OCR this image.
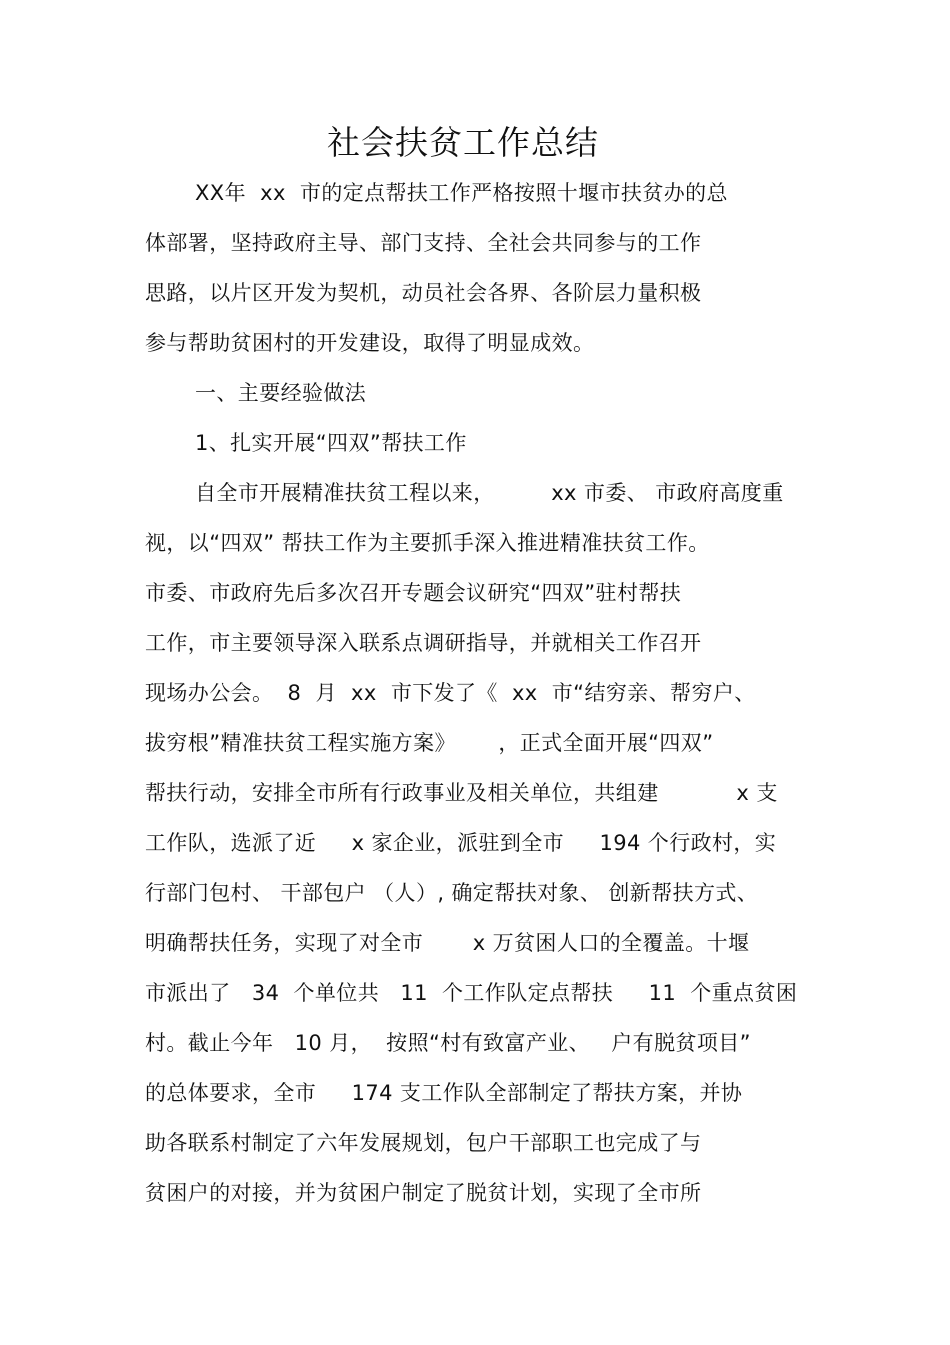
社会扶贫工作总结
XX年  xx  市的定点帮扶工作严格按照十堰市扶贫办的总
体部署，坚持政府主导、部门支持、全社会共同参与的工作
思路，以片区开发为契机，动员社会各界、各阶层力量积极
参与帮助贫困村的开发建设，取得了明显成效。
一、主要经验做法
1、扎实开展“四双”帮扶工作
自全市开展精准扶贫工程以来，        xx 市委、 市政府高度重
视，以“四双” 帮扶工作为主要抓手深入推进精准扶贫工作。
市委、市政府先后多次召开专题会议研究“四双”驻村帮扶
工作，市主要领导深入联系点调研指导，并就相关工作召开
现场办公会。  8  月  xx  市下发了《  xx  市“结穷亲、帮穷户、
拔穷根”精准扶贫工程实施方案》      ，正式全面开展“四双”
帮扶行动，安排全市所有行政事业及相关单位，共组建           x 支
工作队，选派了近     x 家企业，派驻到全市     194 个行政村，实
行部门包村、 干部包户 （人）, 确定帮扶对象、 创新帮扶方式、
明确帮扶任务，实现了对全市       x 万贫困人口的全覆盖。十堰
市派出了   34  个单位共   11  个工作队定点帮扶     11  个重点贫困
村。截止今年   10 月，  按照“村有致富产业、   户有脱贫项目”
的总体要求，全市     174 支工作队全部制定了帮扶方案，并协
助各联系村制定了六年发展规划，包户干部职工也完成了与
贫困户的对接，并为贫困户制定了脱贫计划，实现了全市所
